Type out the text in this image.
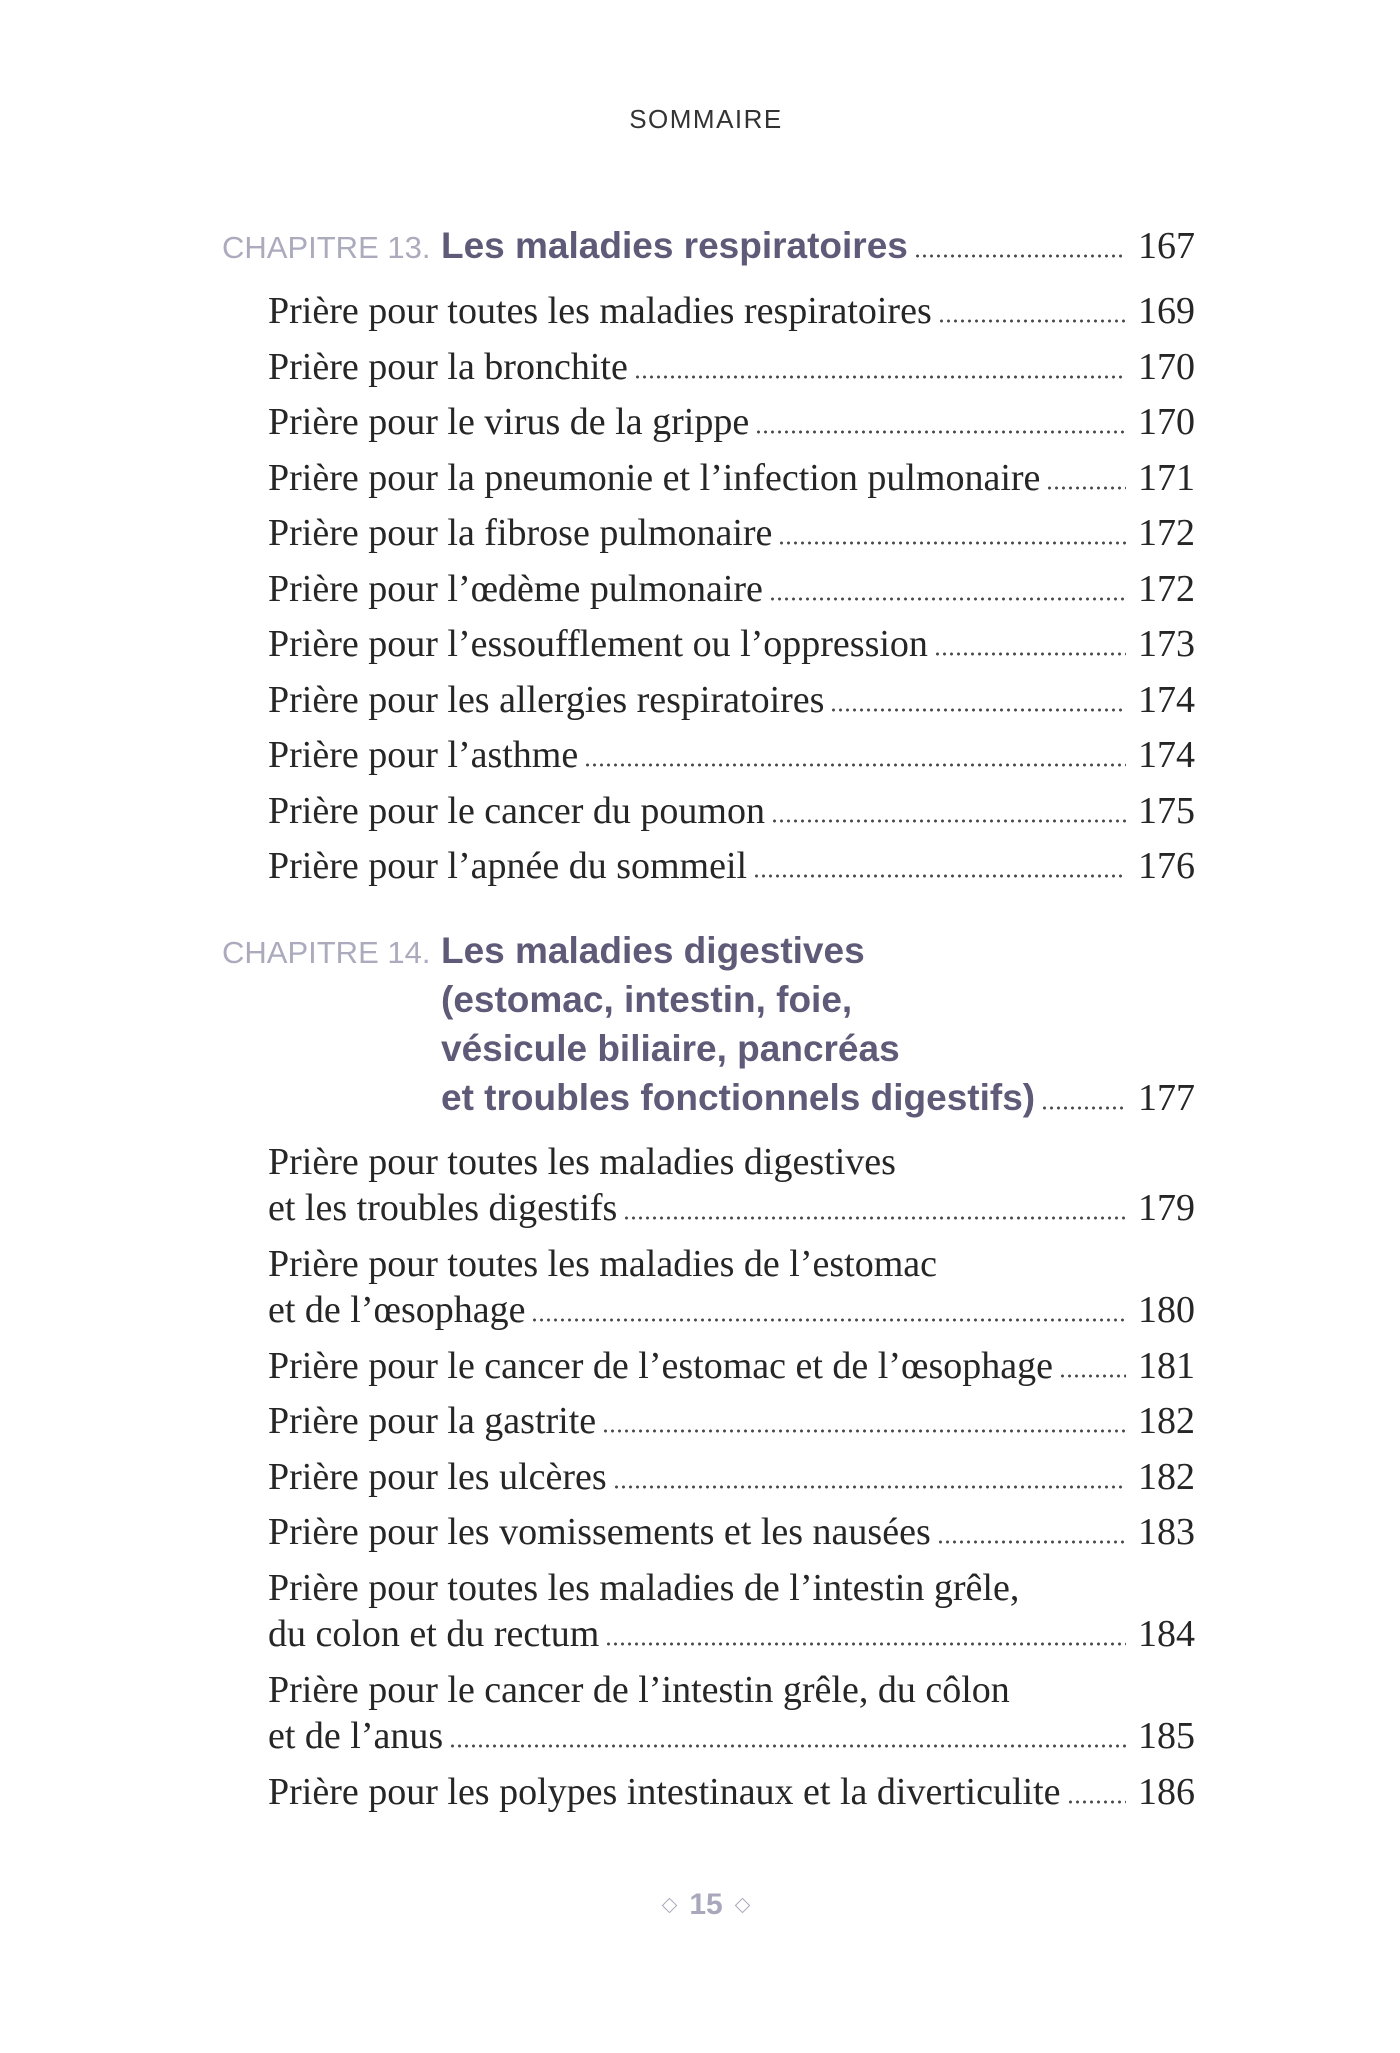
SOMMAIRE
CHAPITRE 13. Les maladies respiratoires	167
Prière pour toutes les maladies respiratoires	169
Prière pour la bronchite	170
Prière pour le virus de la grippe	170
Prière pour la pneumonie et l’infection pulmonaire	171
Prière pour la fibrose pulmonaire	172
Prière pour l’œdème pulmonaire	172
Prière pour l’essoufflement ou l’oppression	173
Prière pour les allergies respiratoires	174
Prière pour l’asthme	174
Prière pour le cancer du poumon	175
Prière pour l’apnée du sommeil	176
CHAPITRE 14. Les maladies digestives
(estomac, intestin, foie,
vésicule biliaire, pancréas
et troubles fonctionnels digestifs)	177
Prière pour toutes les maladies digestives
et les troubles digestifs	179
Prière pour toutes les maladies de l’estomac
et de l’œsophage	180
Prière pour le cancer de l’estomac et de l’œsophage 181
Prière pour la gastrite	182
Prière pour les ulcères	182
Prière pour les vomissements et les nausées	183
Prière pour toutes les maladies de l’intestin grêle,
du colon et du rectum	184
Prière pour le cancer de l’intestin grêle, du côlon
et de l’anus	185
Prière pour les polypes intestinaux et la diverticulite 186
15
